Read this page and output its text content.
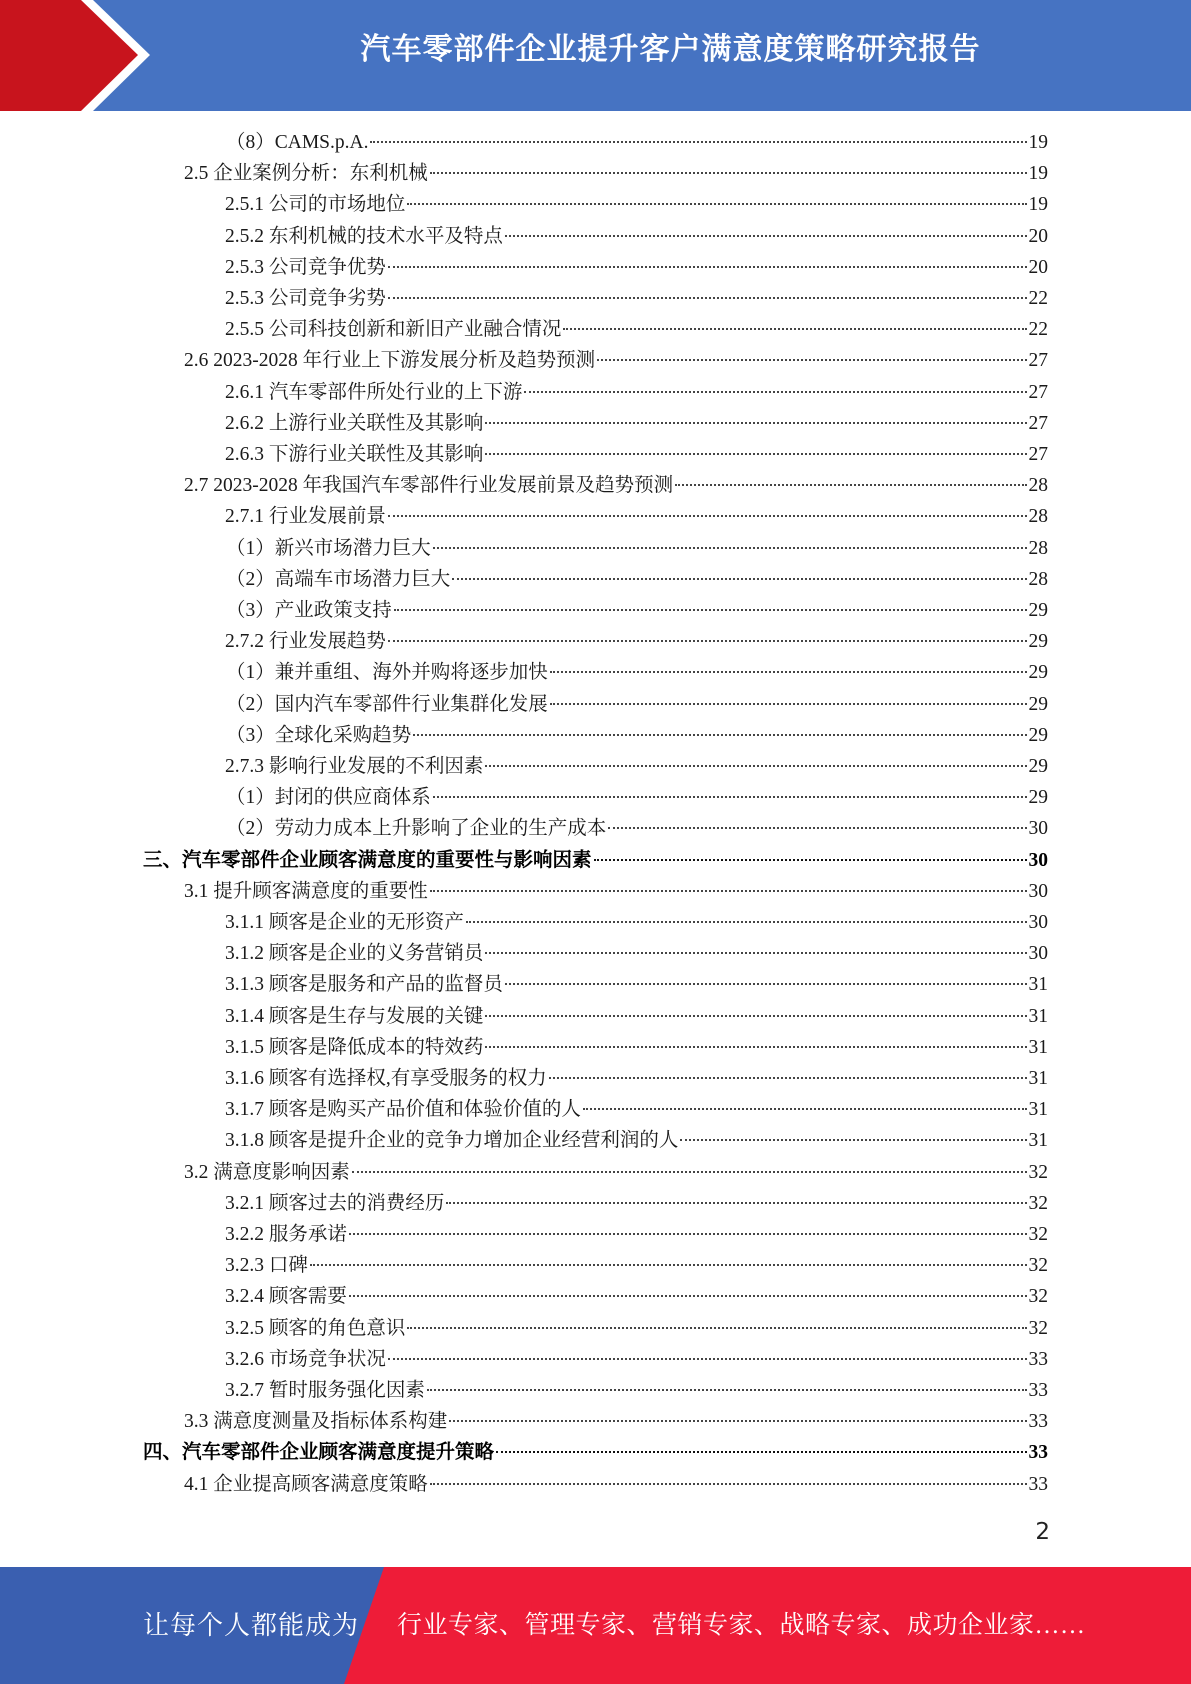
汽车零部件企业提升客户满意度策略研究报告
（8）CAMS.p.A.	19
2.5 企业案例分析：东利机械	19
2.5.1 公司的市场地位	19
2.5.2 东利机械的技术水平及特点	20
2.5.3 公司竞争优势	20
2.5.3 公司竞争劣势	22
2.5.5 公司科技创新和新旧产业融合情况	22
2.6 2023-2028 年行业上下游发展分析及趋势预测	27
2.6.1 汽车零部件所处行业的上下游	27
2.6.2 上游行业关联性及其影响	27
2.6.3 下游行业关联性及其影响	27
2.7 2023-2028 年我国汽车零部件行业发展前景及趋势预测	28
2.7.1 行业发展前景	28
（1）新兴市场潜力巨大	28
（2）高端车市场潜力巨大	28
（3）产业政策支持	29
2.7.2 行业发展趋势	29
（1）兼并重组、海外并购将逐步加快	29
（2）国内汽车零部件行业集群化发展	29
（3）全球化采购趋势	29
2.7.3 影响行业发展的不利因素	29
（1）封闭的供应商体系	29
（2）劳动力成本上升影响了企业的生产成本	30
三、汽车零部件企业顾客满意度的重要性与影响因素	30
3.1 提升顾客满意度的重要性	30
3.1.1 顾客是企业的无形资产	30
3.1.2 顾客是企业的义务营销员	30
3.1.3 顾客是服务和产品的监督员	31
3.1.4 顾客是生存与发展的关键	31
3.1.5 顾客是降低成本的特效药	31
3.1.6 顾客有选择权,有享受服务的权力	31
3.1.7 顾客是购买产品价值和体验价值的人	31
3.1.8 顾客是提升企业的竞争力增加企业经营利润的人	31
3.2 满意度影响因素	32
3.2.1 顾客过去的消费经历	32
3.2.2 服务承诺	32
3.2.3 口碑	32
3.2.4 顾客需要	32
3.2.5 顾客的角色意识	32
3.2.6 市场竞争状况	33
3.2.7 暂时服务强化因素	33
3.3 满意度测量及指标体系构建	33
四、汽车零部件企业顾客满意度提升策略	33
4.1 企业提高顾客满意度策略	33
2
让每个人都能成为 行业专家、管理专家、营销专家、战略专家、成功企业家……
